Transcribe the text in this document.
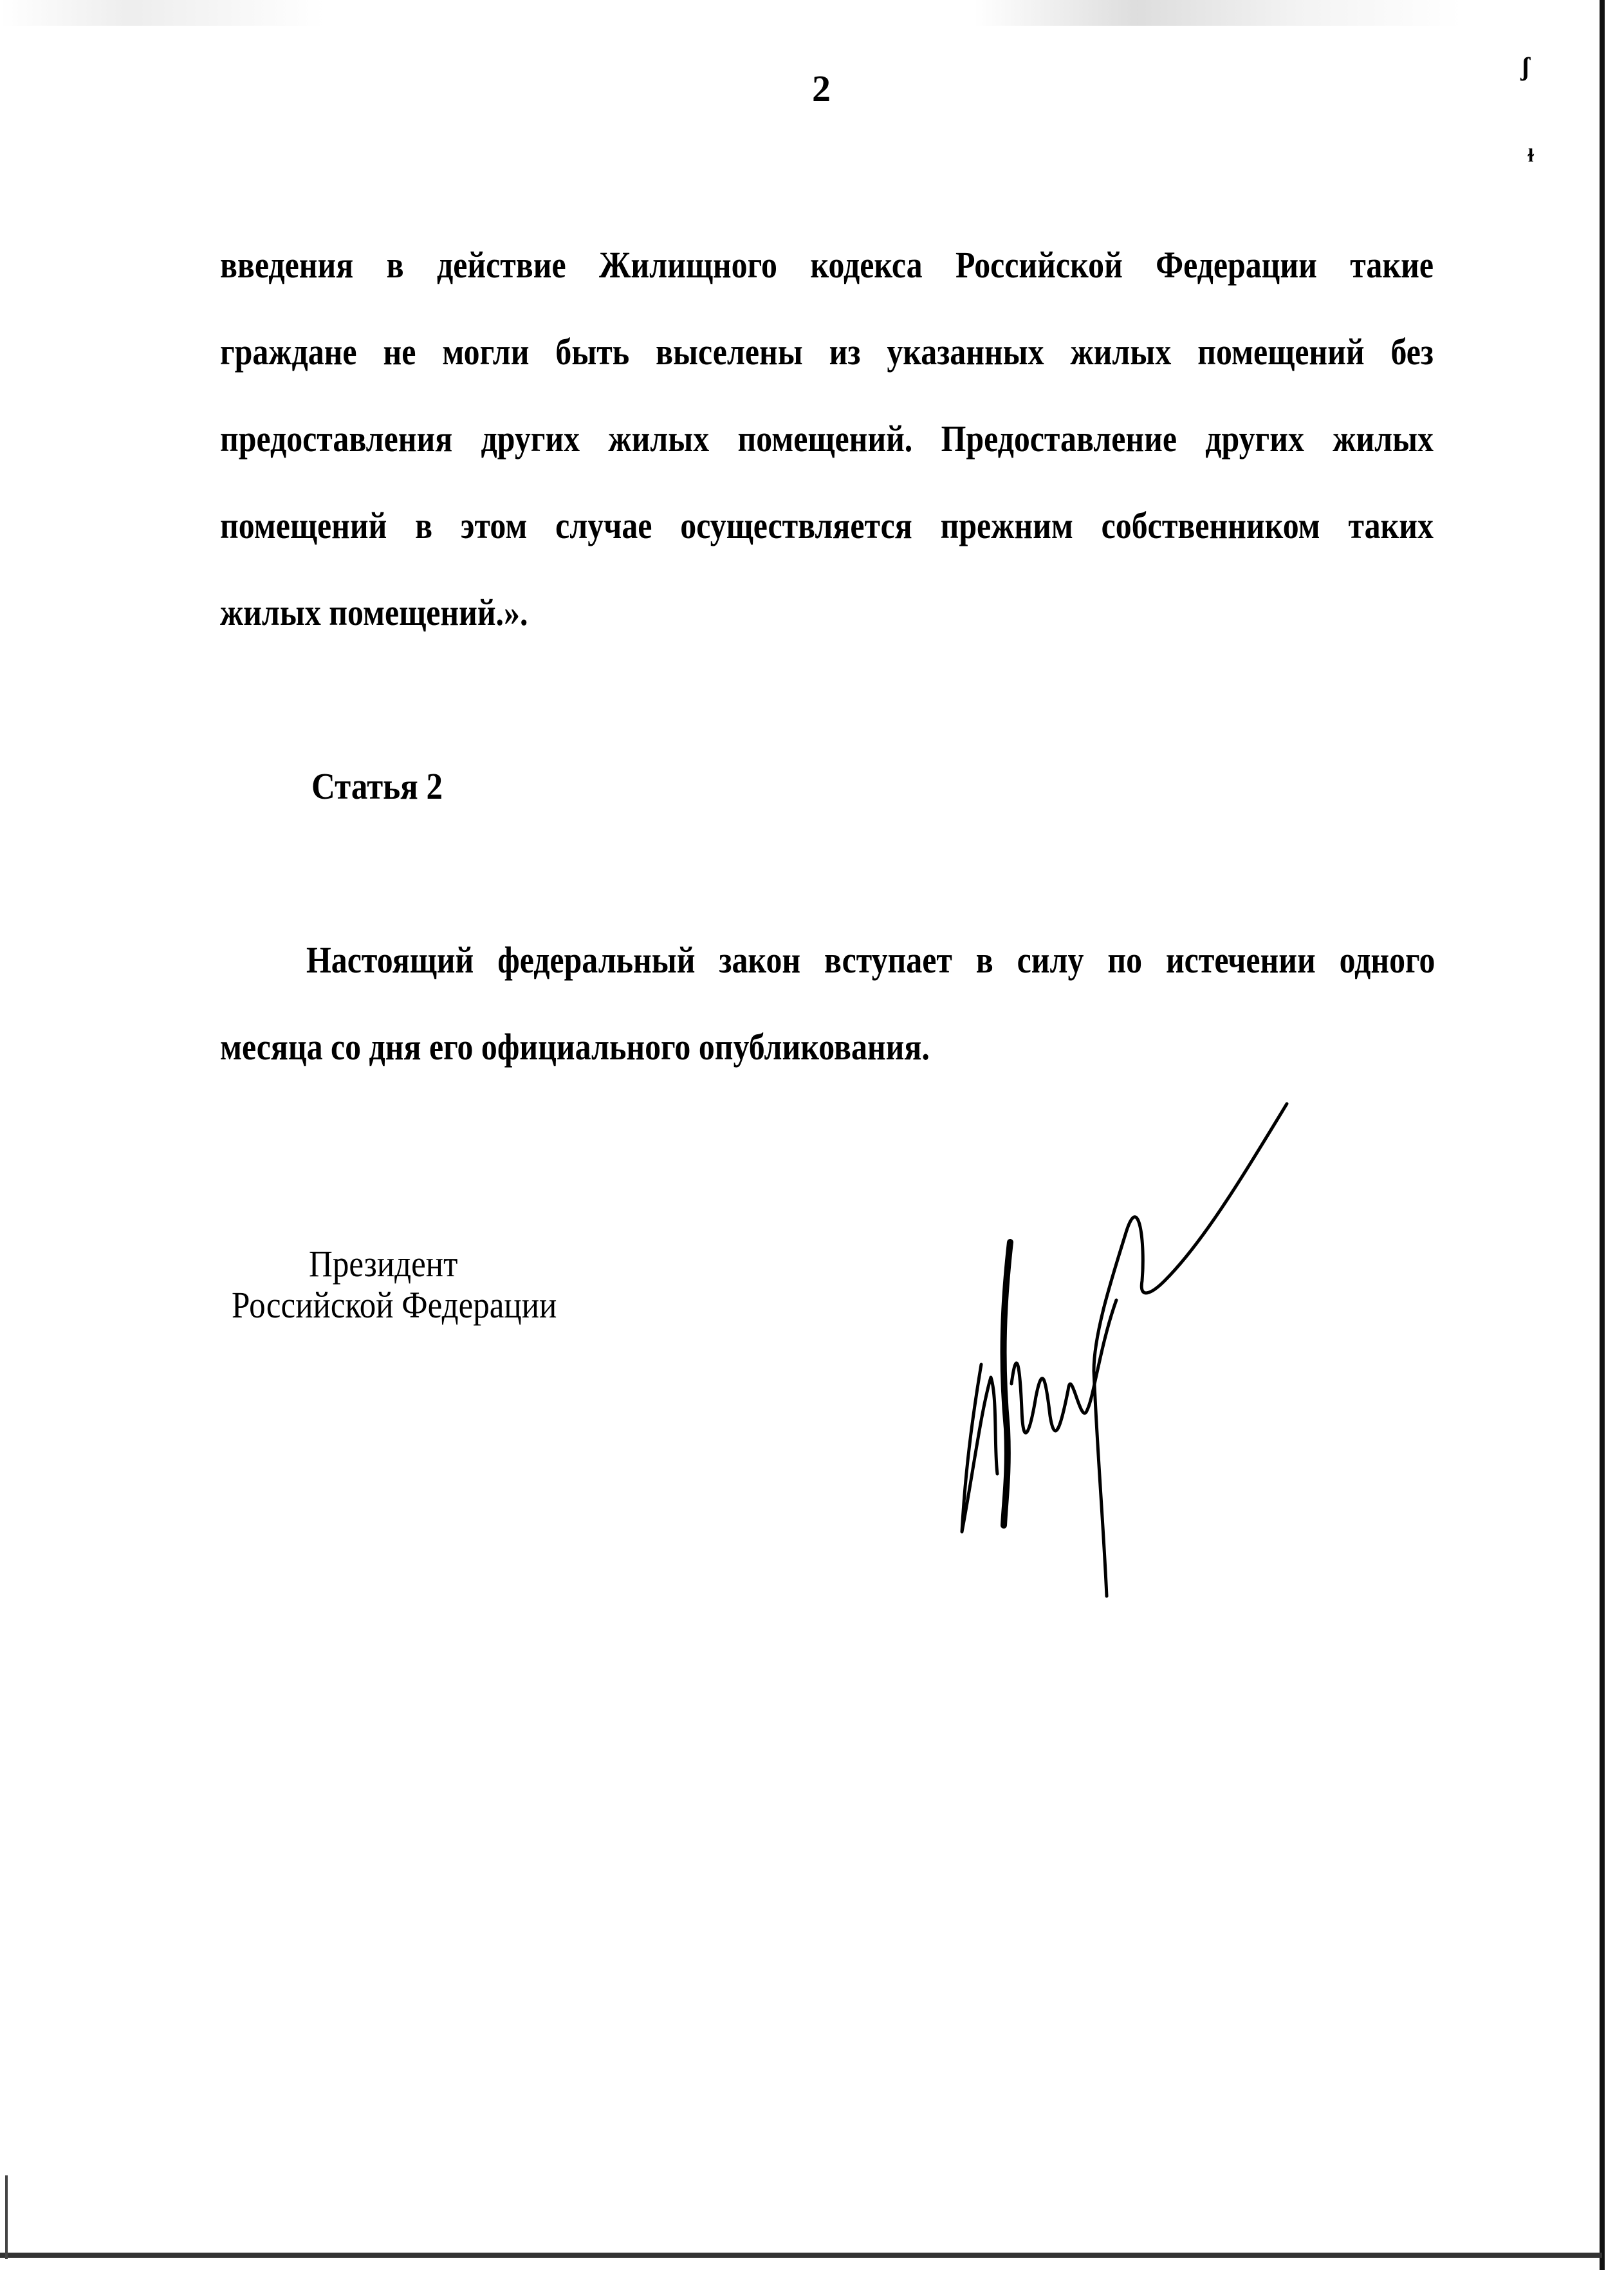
ʃ
ɫ
2
введения в действие Жилищного кодекса Российской Федерации такие
граждане не могли быть выселены из указанных жилых помещений без
предоставления других жилых помещений. Предоставление других жилых
помещений в этом случае осуществляется прежним собственником таких
жилых помещений.».
Статья 2
Настоящий федеральный закон вступает в силу по истечении одного
месяца со дня его официального опубликования.
Президент
Российской Федерации
